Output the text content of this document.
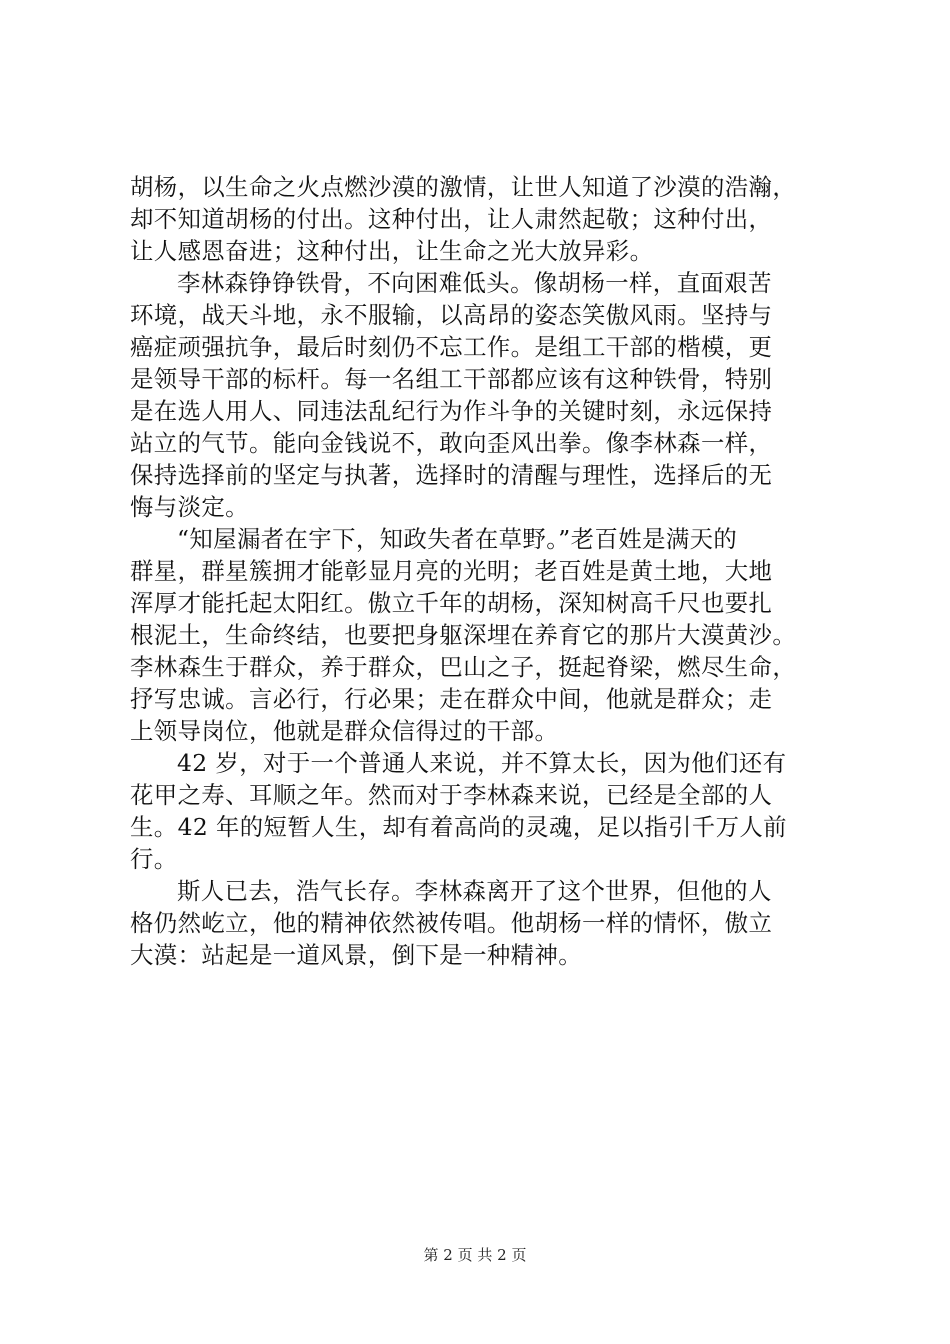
胡杨，以生命之火点燃沙漠的激情，让世人知道了沙漠的浩瀚，
却不知道胡杨的付出。这种付出，让人肃然起敬；这种付出，
让人感恩奋进；这种付出，让生命之光大放异彩。
李林森铮铮铁骨，不向困难低头。像胡杨一样，直面艰苦
环境，战天斗地，永不服输，以高昂的姿态笑傲风雨。坚持与
癌症顽强抗争，最后时刻仍不忘工作。是组工干部的楷模，更
是领导干部的标杆。每一名组工干部都应该有这种铁骨，特别
是在选人用人、同违法乱纪行为作斗争的关键时刻，永远保持
站立的气节。能向金钱说不，敢向歪风出拳。像李林森一样，
保持选择前的坚定与执著，选择时的清醒与理性，选择后的无
悔与淡定。
“知屋漏者在宇下，知政失者在草野。”老百姓是满天的
群星，群星簇拥才能彰显月亮的光明；老百姓是黄土地，大地
浑厚才能托起太阳红。傲立千年的胡杨，深知树高千尺也要扎
根泥土，生命终结，也要把身躯深埋在养育它的那片大漠黄沙。
李林森生于群众，养于群众，巴山之子，挺起脊梁，燃尽生命，
抒写忠诚。言必行，行必果；走在群众中间，他就是群众；走
上领导岗位，他就是群众信得过的干部。
42 岁，对于一个普通人来说，并不算太长，因为他们还有
花甲之寿、耳顺之年。然而对于李林森来说，已经是全部的人
生。42 年的短暂人生，却有着高尚的灵魂，足以指引千万人前
行。
斯人已去，浩气长存。李林森离开了这个世界，但他的人
格仍然屹立，他的精神依然被传唱。他胡杨一样的情怀，傲立
大漠：站起是一道风景，倒下是一种精神。
第 2 页 共 2 页
